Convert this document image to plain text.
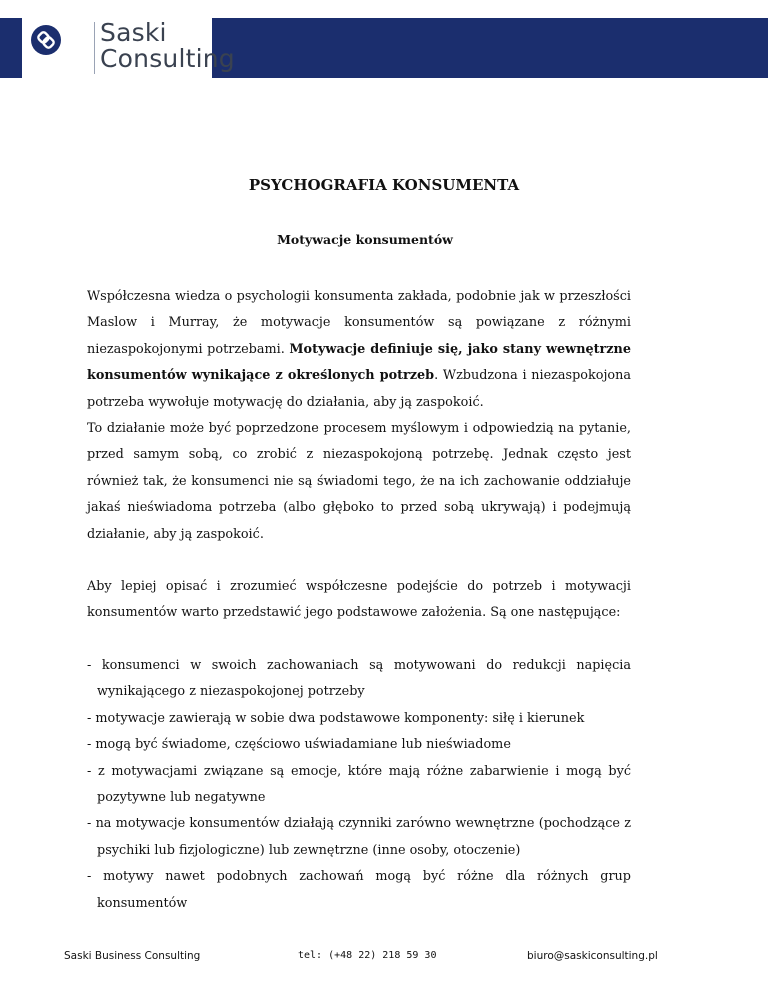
Saski
Consulting
PSYCHOGRAFIA KONSUMENTA
Motywacje konsumentów

Współczesna wiedza o psychologii konsumenta zakłada, podobnie jak w przeszłości Maslow i Murray, że motywacje konsumentów są powiązane z różnymi niezaspokojonymi potrzebami. Motywacje definiuje się, jako stany wewnętrzne konsumentów wynikające z określonych potrzeb. Wzbudzona i niezaspokojona potrzeba wywołuje motywację do działania, aby ją zaspokoić.

To działanie może być poprzedzone procesem myślowym i odpowiedzią na pytanie, przed samym sobą, co zrobić z niezaspokojoną potrzebę. Jednak często jest również tak, że konsumenci nie są świadomi tego, że na ich zachowanie oddziałuje jakaś nieświadoma potrzeba (albo głęboko to przed sobą ukrywają) i podejmują działanie, aby ją zaspokoić.

Aby lepiej opisać i zrozumieć współczesne podejście do potrzeb i motywacji konsumentów warto przedstawić jego podstawowe założenia. Są one następujące:

- konsumenci w swoich zachowaniach są motywowani do redukcji napięcia wynikającego z niezaspokojonej potrzeby
- motywacje zawierają w sobie dwa podstawowe komponenty: siłę i kierunek
- mogą być świadome, częściowo uświadamiane lub nieświadome
- z motywacjami związane są emocje, które mają różne zabarwienie i mogą być pozytywne lub negatywne
- na motywacje konsumentów działają czynniki zarówno wewnętrzne (pochodzące z psychiki lub fizjologiczne) lub zewnętrzne (inne osoby, otoczenie)
- motywy nawet podobnych zachowań mogą być różne dla różnych grup konsumentów
Saski Business Consulting	tel: (+48 22) 218 59 30	biuro@saskiconsulting.pl
